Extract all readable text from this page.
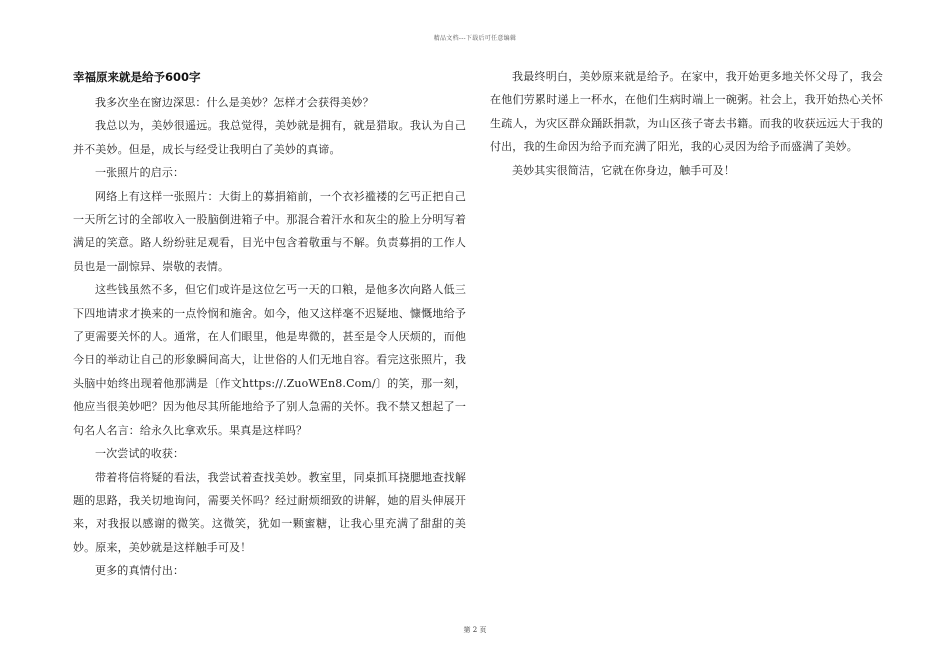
精品文档---下载后可任意编辑
幸福原来就是给予600字

我多次坐在窗边深思：什么是美妙？怎样才会获得美妙？

我总以为，美妙很遥远。我总觉得，美妙就是拥有，就是猎取。我认为自己并不美妙。但是，成长与经受让我明白了美妙的真谛。

一张照片的启示：

网络上有这样一张照片：大街上的募捐箱前，一个衣衫褴褛的乞丐正把自己一天所乞讨的全部收入一股脑倒进箱子中。那混合着汗水和灰尘的脸上分明写着满足的笑意。路人纷纷驻足观看，目光中包含着敬重与不解。负责募捐的工作人员也是一副惊异、崇敬的表情。

这些钱虽然不多，但它们或许是这位乞丐一天的口粮，是他多次向路人低三下四地请求才换来的一点怜悯和施舍。如今，他又这样毫不迟疑地、慷慨地给予了更需要关怀的人。通常，在人们眼里，他是卑微的，甚至是令人厌烦的，而他今日的举动让自己的形象瞬间高大，让世俗的人们无地自容。看完这张照片，我头脑中始终出现着他那满是〔作文https://.ZuoWEn8.Com/〕的笑，那一刻，他应当很美妙吧？因为他尽其所能地给予了别人急需的关怀。我不禁又想起了一句名人名言：给永久比拿欢乐。果真是这样吗？

一次尝试的收获：

带着将信将疑的看法，我尝试着查找美妙。教室里，同桌抓耳挠腮地查找解题的思路，我关切地询问，需要关怀吗？经过耐烦细致的讲解，她的眉头伸展开来，对我报以感谢的微笑。这微笑，犹如一颗蜜糖，让我心里充满了甜甜的美妙。原来，美妙就是这样触手可及！

更多的真情付出：

我最终明白，美妙原来就是给予。在家中，我开始更多地关怀父母了，我会在他们劳累时递上一杯水，在他们生病时端上一碗粥。社会上，我开始热心关怀生疏人，为灾区群众踊跃捐款，为山区孩子寄去书籍。而我的收获远远大于我的付出，我的生命因为给予而充满了阳光，我的心灵因为给予而盛满了美妙。

美妙其实很简洁，它就在你身边，触手可及！

第 2 页
